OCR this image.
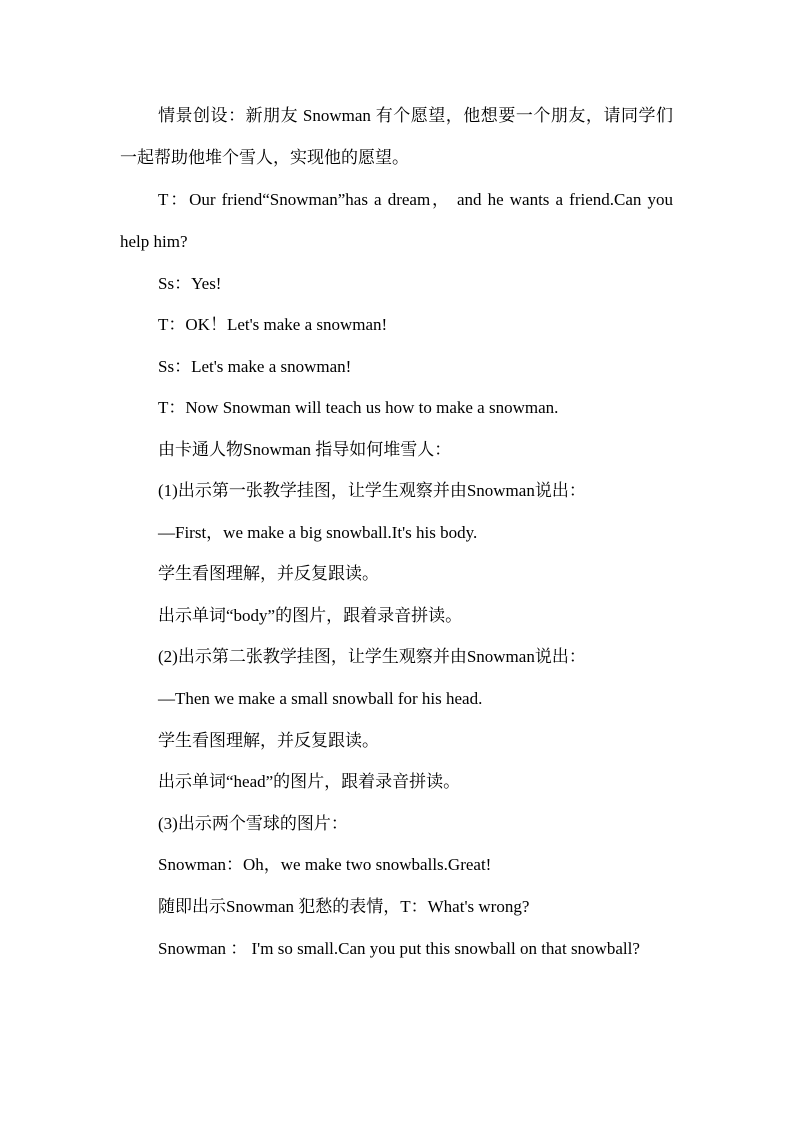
情景创设：新朋友 Snowman 有个愿望，他想要一个朋友，请同学们一起帮助他堆个雪人，实现他的愿望。

T：Our friend“Snowman”has a dream， and he wants a friend.Can you help him?

Ss：Yes!

T：OK！Let's make a snowman!

Ss：Let's make a snowman!

T：Now Snowman will teach us how to make a snowman.

由卡通人物Snowman 指导如何堆雪人：

(1)出示第一张教学挂图，让学生观察并由Snowman说出：

—First，we make a big snowball.It's his body.

学生看图理解，并反复跟读。

出示单词“body”的图片，跟着录音拼读。

(2)出示第二张教学挂图，让学生观察并由Snowman说出：

—Then we make a small snowball for his head.

学生看图理解，并反复跟读。

出示单词“head”的图片，跟着录音拼读。

(3)出示两个雪球的图片：

Snowman：Oh，we make two snowballs.Great!

随即出示Snowman 犯愁的表情，T：What's wrong?

Snowman ： I'm so small.Can you put this snowball on that snowball?
